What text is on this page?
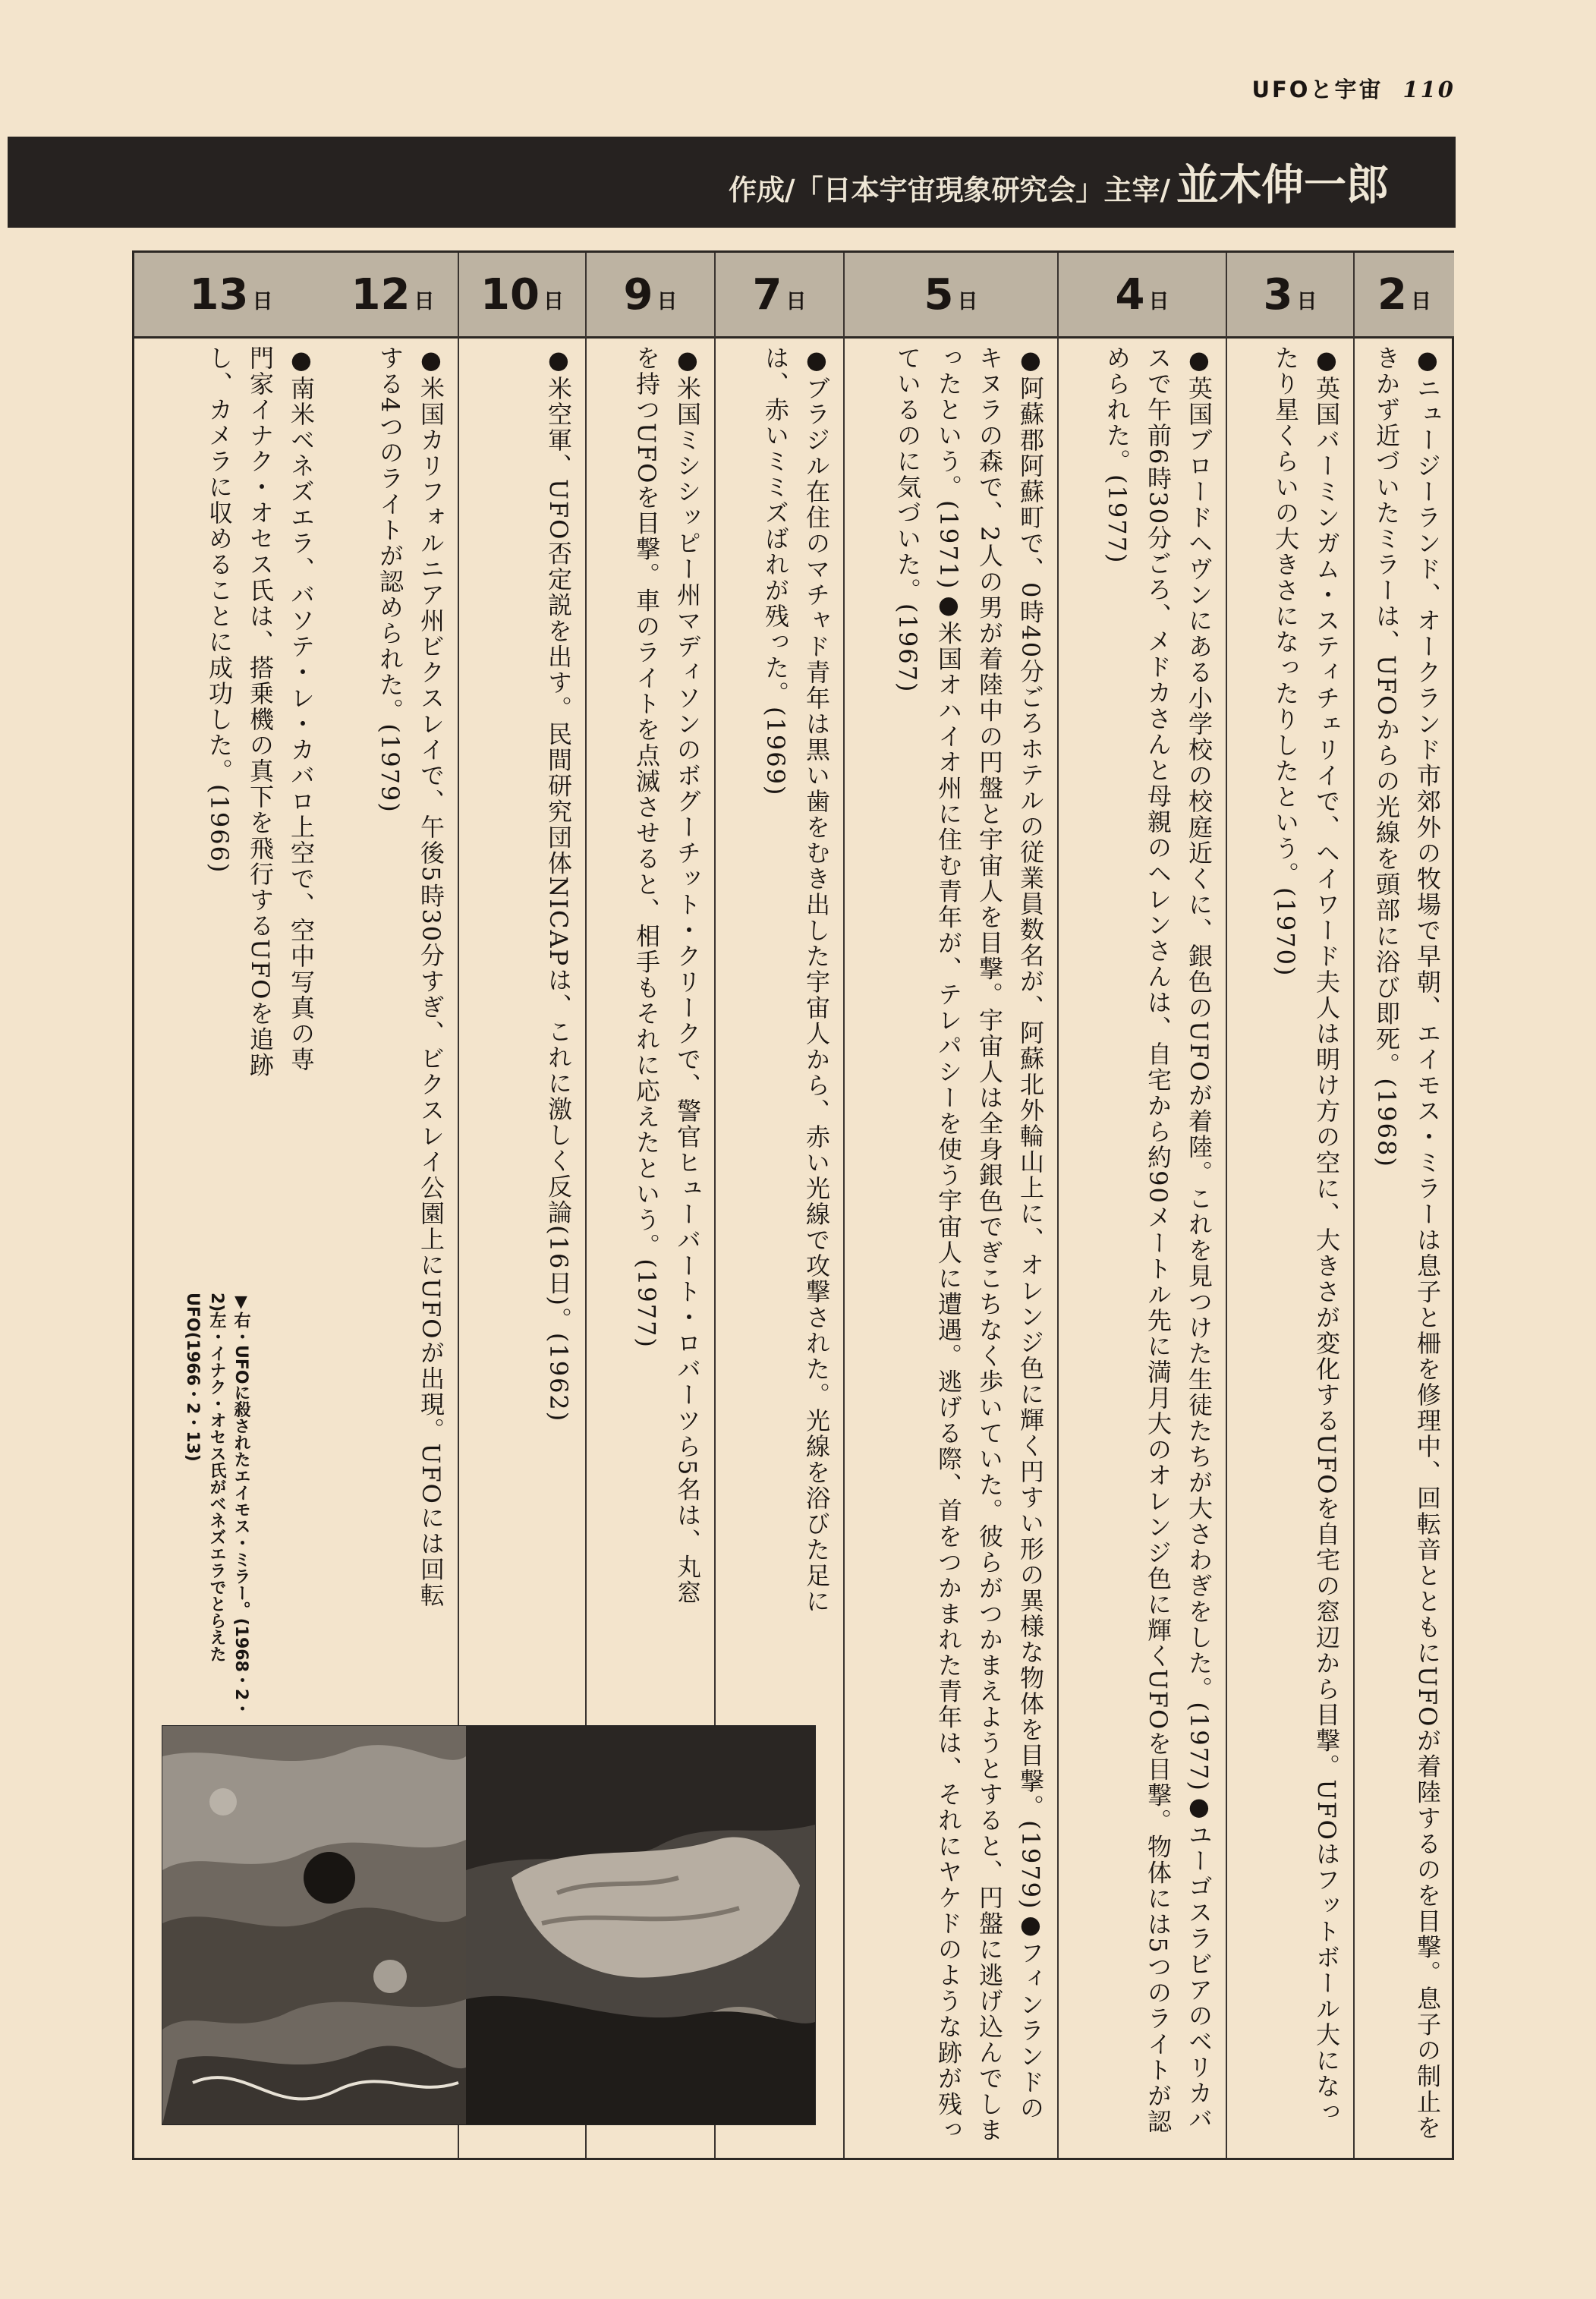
UFOと宇宙 110
作成/「日本宇宙現象研究会」主宰/ 並木伸一郎
13 日
●南米ベネズエラ、バソテ・レ・カバロ上空で、空中写真の専門家イナク・オセス氏は、搭乗機の真下を飛行するUFOを追跡し、カメラに収めることに成功した。(1966)
12 日
●米国カリフォルニア州ビクスレイで、午後5時30分すぎ、ビクスレイ公園上にUFOが出現。UFOには回転する4つのライトが認められた。(1979)
10 日
●米空軍、UFO否定説を出す。民間研究団体NICAPは、これに激しく反論(16日)。(1962)
9 日
●米国ミシシッピー州マディソンのボグーチット・クリークで、警官ヒューバート・ロバーツら5名は、丸窓を持つUFOを目撃。車のライトを点滅させると、相手もそれに応えたという。(1977)
7 日
●ブラジル在住のマチャド青年は黒い歯をむき出した宇宙人から、赤い光線で攻撃された。光線を浴びた足には、赤いミミズばれが残った。(1969)
5 日
●阿蘇郡阿蘇町で、0時40分ごろホテルの従業員数名が、阿蘇北外輪山上に、オレンジ色に輝く円すい形の異様な物体を目撃。(1979)●フィンランドのキヌラの森で、2人の男が着陸中の円盤と宇宙人を目撃。宇宙人は全身銀色でぎこちなく歩いていた。彼らがつかまえようとすると、円盤に逃げ込んでしまったという。(1971)●米国オハイオ州に住む青年が、テレパシーを使う宇宙人に遭遇。逃げる際、首をつかまれた青年は、それにヤケドのような跡が残っているのに気づいた。(1967)
4 日
●英国ブロードヘヴンにある小学校の校庭近くに、銀色のUFOが着陸。これを見つけた生徒たちが大さわぎをした。(1977)●ユーゴスラビアのベリカバスで午前6時30分ごろ、メドカさんと母親のヘレンさんは、自宅から約90メートル先に満月大のオレンジ色に輝くUFOを目撃。物体には5つのライトが認められた。(1977)
3 日
●英国バーミンガム・スティチェリイで、ヘイワード夫人は明け方の空に、大きさが変化するUFOを自宅の窓辺から目撃。UFOはフットボール大になったり星くらいの大きさになったりしたという。(1970)
2 日
●ニュージーランド、オークランド市郊外の牧場で早朝、エイモス・ミラーは息子と柵を修理中、回転音とともにUFOが着陸するのを目撃。息子の制止をきかず近づいたミラーは、UFOからの光線を頭部に浴び即死。(1968)
▼右・UFOに殺されたエイモス・ミラー。(1968・2・2)左・イナク・オセス氏がベネズエラでとらえたUFO(1966・2・13)
